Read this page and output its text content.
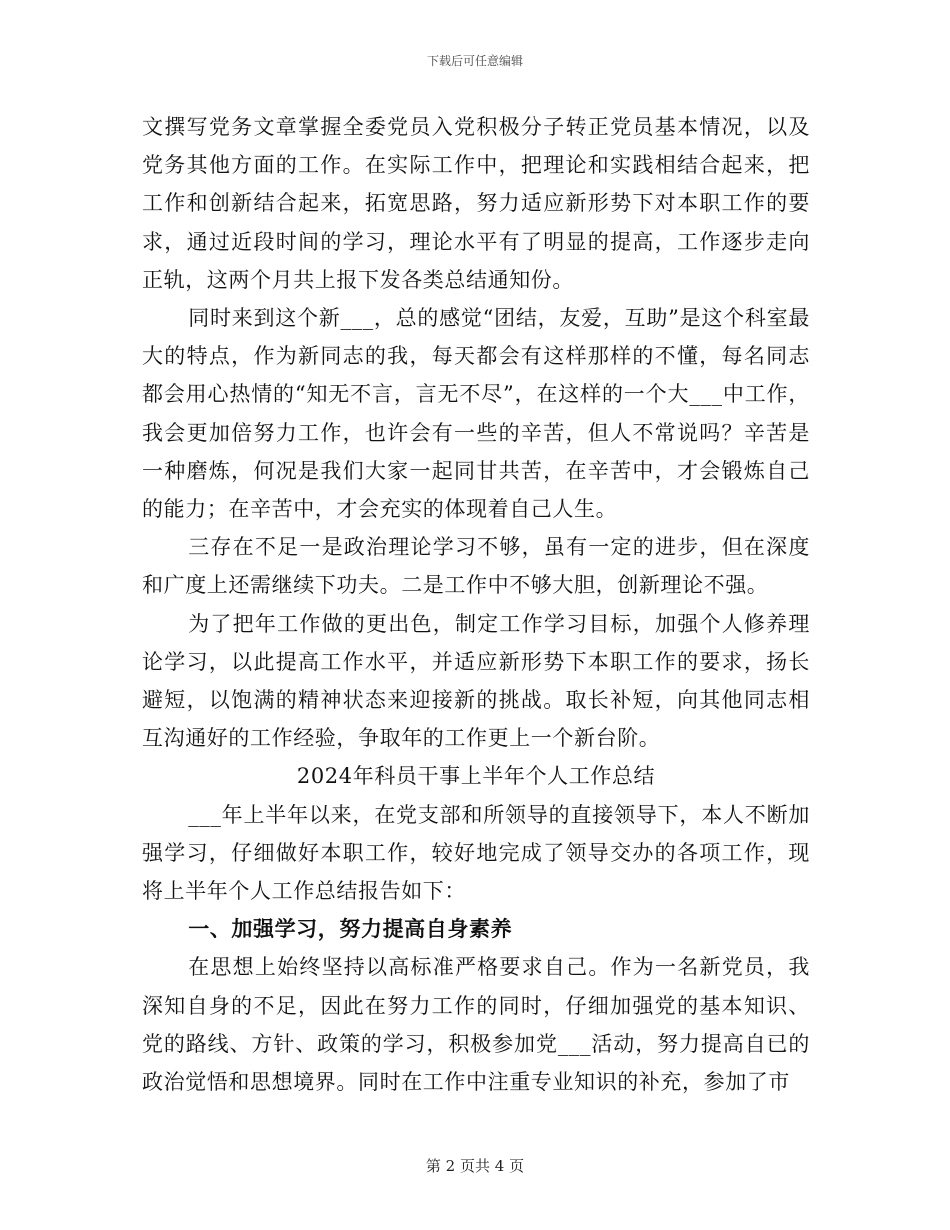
下载后可任意编辑

文撰写党务文章掌握全委党员入党积极分子转正党员基本情况，以及党务其他方面的工作。在实际工作中，把理论和实践相结合起来，把工作和创新结合起来，拓宽思路，努力适应新形势下对本职工作的要求，通过近段时间的学习，理论水平有了明显的提高，工作逐步走向正轨，这两个月共上报下发各类总结通知份。

同时来到这个新___，总的感觉“团结，友爱，互助”是这个科室最大的特点，作为新同志的我，每天都会有这样那样的不懂，每名同志都会用心热情的“知无不言，言无不尽”，在这样的一个大___中工作，我会更加倍努力工作，也许会有一些的辛苦，但人不常说吗？辛苦是一种磨炼，何况是我们大家一起同甘共苦，在辛苦中，才会锻炼自己的能力；在辛苦中，才会充实的体现着自己人生。

三存在不足一是政治理论学习不够，虽有一定的进步，但在深度和广度上还需继续下功夫。二是工作中不够大胆，创新理论不强。

为了把年工作做的更出色，制定工作学习目标，加强个人修养理论学习，以此提高工作水平，并适应新形势下本职工作的要求，扬长避短，以饱满的精神状态来迎接新的挑战。取长补短，向其他同志相互沟通好的工作经验，争取年的工作更上一个新台阶。

2024年科员干事上半年个人工作总结

___年上半年以来，在党支部和所领导的直接领导下，本人不断加强学习，仔细做好本职工作，较好地完成了领导交办的各项工作，现将上半年个人工作总结报告如下：

一、加强学习，努力提高自身素养

在思想上始终坚持以高标准严格要求自己。作为一名新党员，我深知自身的不足，因此在努力工作的同时，仔细加强党的基本知识、党的路线、方针、政策的学习，积极参加党___活动，努力提高自已的政治觉悟和思想境界。同时在工作中注重专业知识的补充，参加了市

第 2 页共 4 页
